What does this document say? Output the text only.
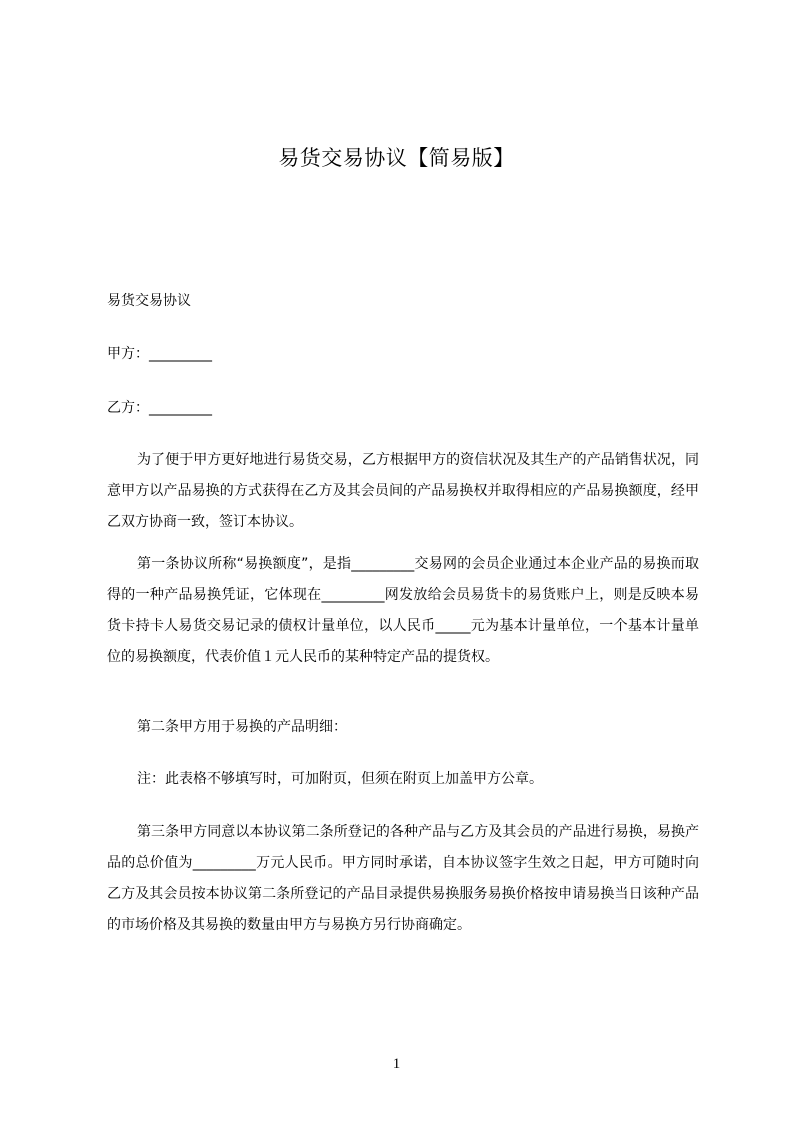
易货交易协议【简易版】

易货交易协议

甲方：_________

乙方：_________

为了便于甲方更好地进行易货交易，乙方根据甲方的资信状况及其生产的产品销售状况，同意甲方以产品易换的方式获得在乙方及其会员间的产品易换权并取得相应的产品易换额度，经甲乙双方协商一致，签订本协议。

第一条协议所称“易换额度”，是指_________交易网的会员企业通过本企业产品的易换而取得的一种产品易换凭证，它体现在_________网发放给会员易货卡的易货账户上，则是反映本易货卡持卡人易货交易记录的债权计量单位，以人民币_____元为基本计量单位，一个基本计量单位的易换额度，代表价值１元人民币的某种特定产品的提货权。

第二条甲方用于易换的产品明细：

注：此表格不够填写时，可加附页，但须在附页上加盖甲方公章。

第三条甲方同意以本协议第二条所登记的各种产品与乙方及其会员的产品进行易换，易换产品的总价值为_________万元人民币。甲方同时承诺，自本协议签字生效之日起，甲方可随时向乙方及其会员按本协议第二条所登记的产品目录提供易换服务易换价格按申请易换当日该种产品的市场价格及其易换的数量由甲方与易换方另行协商确定。

1
